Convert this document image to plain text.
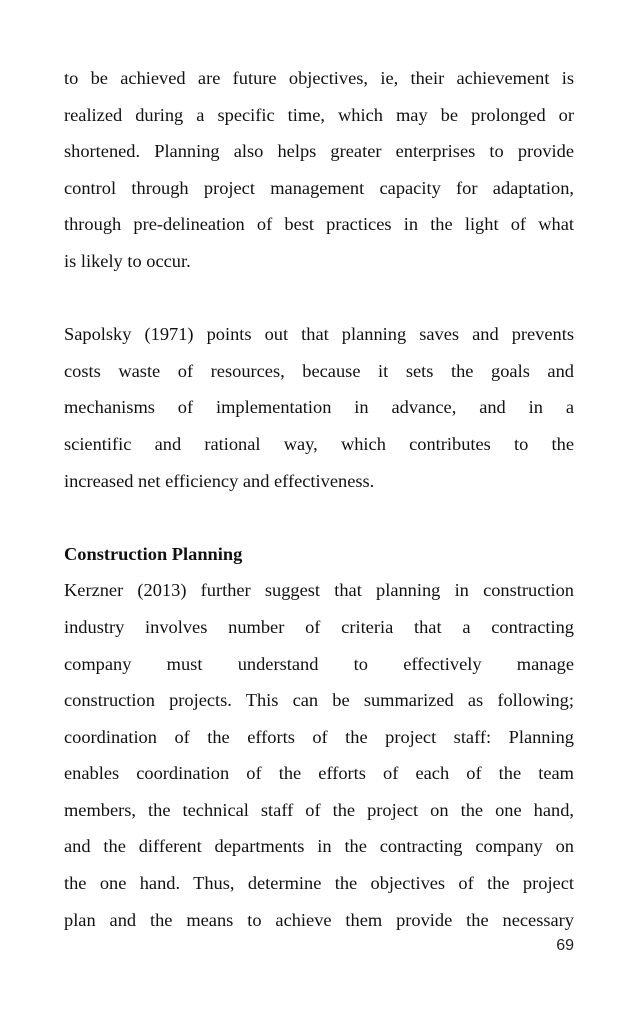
to be achieved are future objectives, ie, their achievement is
realized during a specific time, which may be prolonged or
shortened. Planning also helps greater enterprises to provide
control through project management capacity for adaptation,
through pre-delineation of best practices in the light of what
is likely to occur.
Sapolsky (1971) points out that planning saves and prevents
costs waste of resources, because it sets the goals and
mechanisms of implementation in advance, and in a
scientific and rational way, which contributes to the
increased net efficiency and effectiveness.
Construction Planning
Kerzner (2013) further suggest that planning in construction
industry involves number of criteria that a contracting
company must understand to effectively manage
construction projects. This can be summarized as following;
coordination of the efforts of the project staff: Planning
enables coordination of the efforts of each of the team
members, the technical staff of the project on the one hand,
and the different departments in the contracting company on
the one hand. Thus, determine the objectives of the project
plan and the means to achieve them provide the necessary
69
